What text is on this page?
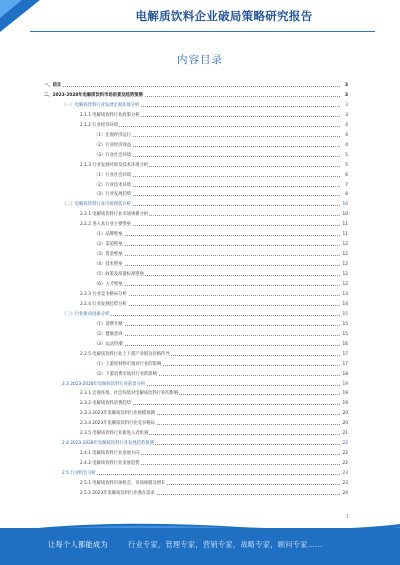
电解质饮料企业破局策略研究报告
内容目录
一、前言	3
二、2023-2028年电解质饮料市场前景及趋势预测	3
（一）电解质饮料行业发展宏观环境分析	3
2.1.1 电解质饮料行业政策分析	3
2.1.2 行业经济环境	4
（1）宏观经济运行	4
（2）行业经济效益	4
（3）行业社会环境	5
2.1.3 行业发展环境及技术环境分析	5
（1）行业社会环境	6
（2）行业技术环境	7
（3）行业发展趋势	8
（二）电解质饮料行业市场现状分析	10
2.2.1 电解质饮料行业市场规模分析	10
2.2.2 进入本行业主要壁垒	11
（1）品牌壁垒	11
（2）渠道壁垒	12
（3）资金壁垒	12
（4）技术壁垒	12
（5）政策及质量标准壁垒	12
（6）人才壁垒	12
2.2.3 行业竞争格局分析	13
2.2.4 行业发展趋势分析	14
（三）行业驱动因素分析	15
（1）消费升级	15
（2）健康意识	15
（3）运动热潮	16
2.2.5 电解质饮料行业上下游产业链及价格传导	17
（1）上游原材料市场对行业的影响	17
（2）下游消费市场对行业的影响	18
2.3 2023-2028年电解质饮料行业前景分析	19
2.3.1 宏观环境、社会环境对电解质饮料行业的影响	19
2.3.2 电解质饮料消费趋势	19
2.3.3 2023年电解质饮料行业规模预测	20
2.3.4 2023年电解质饮料行业竞争格局	20
2.3.5 电解质饮料行业新进入者机遇	21
2.4 2023-2028年电解质饮料行业发展趋势预测	22
2.4.1 电解质饮料行业发展方向	22
2.4.2 电解质饮料行业发展趋势	22
2.5 行业机会分析	23
2.5.1 电解质饮料市场机会、市场规模及增长	23
2.5.2 2023年电解质饮料行业潜在需求	24
1
让每个人都能成为	行业专家，管理专家，营销专家，战略专家，顾问专家……
